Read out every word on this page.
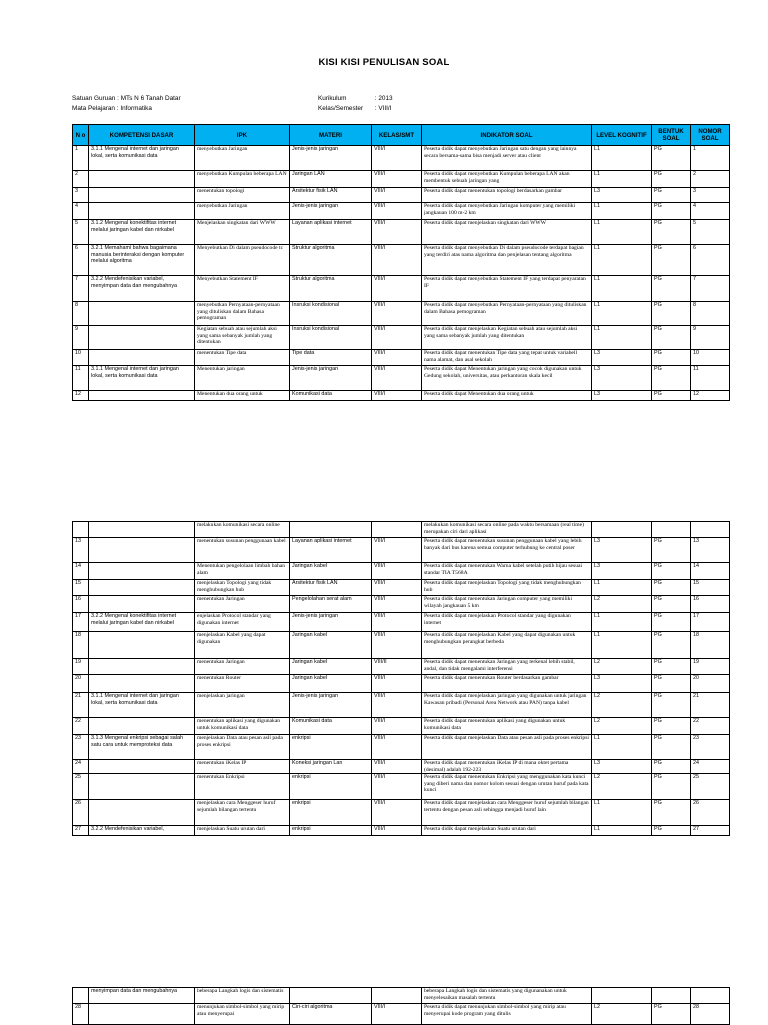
KISI KISI PENULISAN SOAL
Satuan Guruan : MTs N 6 Tanah Datar
Mata Pelajaran : Informatika
Kurikulum	: 2013
Kelas/Semester : VIII/I
N o	KOMPETENSI DASAR	IPK	MATERI	KELAS/SMT	INDIKATOR SOAL	LEVEL KOGNITIF	BENTUK SOAL	NOMOR SOAL
1	3.1.1 Mengenal internet dan jaringan lokal, serta komunikasi data	menyebutkan Jaringan	Jenis-jenis jaringan	VIII/I	Peserta didik dapat menyebutkan Jaringan satu dengan yang lainnya secara bersama-sama bisa menjadi server atau client	L1	PG	1
2		menyebutkan Kumpulan beberapa LAN	Jaringan LAN	VIII/I	Peserta didik dapat menyebutkan Kumpulan beberapa LAN akan membentuk sebuah jaringan yang	L1	PG	2
3		menentukan topologi	Arsitektur fisik LAN	VIII/I	Peserta didik dapat menentukan topologi berdasarkan gambar	L3	PG	3
4		menyebutkan Jaringan	Jenis-jenis jaringan	VIII/I	Peserta didik dapat menyebutkan Jaringan komputer yang memiliki jangkauan 100 m-2 km	L1	PG	4
5	3.1.2 Mengenal konektifitas internet melalui jaringan kabel dan nirkabel	Menjelaskan singkatan dari WWW	Layanan aplikasi internet	VIII/I	Peserta didik dapat menjelaskan singkatan dari WWW	L1	PG	5
6	3.2.1 Memahami bahwa bagaimana manusia berinteraksi dengan komputer melalui algoritma	Menyebutkan Di dalam pseudocode tc	Struktur algoritma	VIII/I	Peserta didik dapat menyebutkan Di dalam pseudocode terdapat bagian yang terdiri atas nama algoritma dan penjelasan tentang algoritma	L1	PG	6
7	3.2.2 Mendefenisikan variabel, menyimpan data dan mengubahnya	Menyebutkan Statement IF	Struktur algoritma	VIII/I	Peserta didik dapat menyebutkan Statement IF yang terdapat penyaratan IF	L1	PG	7
8		menyebutkan Pernyataan-pernyataan yang dituliskan dalam Bahasa pemograman	Insruksi kondisional	VIII/I	Peserta didik dapat menyebutkan Pernyataan-pernyataan yang dituliskan dalam Bahasa pemograman	L1	PG	8
9		Kegiatan sebuah atau sejumlah aksi yang sama sebanyak jumlah yang ditentukan	Insruksi kondisional	VIII/I	Peserta didik dapat menjelaskan Kegiatan sebuah atau sejumlah aksi yang sama sebanyak jumlah yang ditentukan	L1	PG	9
10		menentukan Tipe data	Tipe data	VIII/I	Peserta didik dapat menentukan Tipe data yang tepat untuk variabell nama alamat, dan asal sekolah	L3	PG	10
11	3.1.1 Mengenal internet dan jaringan lokal, serta komunikasi data	Menentukan jaringan	Jenis-jenis jaringan	VIII/I	Peserta didik dapat Menentukan jaringan yang cocok digunakan untuk Gedung sekolah, universitas, atau perkantoran skala kecil	L3	PG	11
12		Menentukan dua orang untuk	Komunikasi data	VIII/I	Peserta didik dapat Menentukan dua orang untuk	L3	PG	12
		melakukan komunikasi secara online			melakukan komunikasi secara online pada waktu bersamaan (real time) merupakan ciri dari aplikasi			
13		menentukan susunan penggunaan kabel	Layanan aplikasi internet	VIII/I	Peserta didik dapat menentukan susunan penggunaan kabel yang lebih banyak dari bus karena semua computer terhubung ke central poser	L3	PG	13
14		Menentukan pengelolaan limbah bahan alam	Jaringan kabel	VIII/I	Peserta didik dapat menentukan Warna kabel setelah putih hijau sesuai standar TIA T568A	L3	PG	14
15		menjelaskan Topologi yang tidak menghubungkan hub	Arsitektur fisik LAN	VIII/I	Peserta didik dapat menjelaskan Topologi yang tidak menghubungkan hub	L1	PG	15
16		menentukan Jaringan	Pengelolahan serat alam	VIII/I	Peserta didik dapat menentukan Jaringan computer yang memiliki wilayah jangkauan 5 km	L2	PG	16
17	3.2.2 Mengenal konektifitas internet melalui jaringan kabel dan nirkabel	enjelaskan Protocol standar yang digunakan internet	Jenis-jenis jaringan	VIII/I	Peserta didik dapat menjelaskan Protocol standar yang digunakan internet	L1	PG	17
18		menjelaskan Kabel yang dapat digunakan	Jaringan kabel	VIII/I	Peserta didik dapat menjelaskan Kabel yang dapat digunakan untuk menghubungkan perangkat berbeda	L1	PG	18
19		menentukan Jaringan	Jaringan kabel	VIII/II	Peserta didik dapat menentukan Jaringan yang terkenal lebih stabil, andal, dan tidak mengalami interferensi	L2	PG	19
20		menentukan Router	Jaringan kabel	VIII/I	Peserta didik dapat menentukan Router berdasarkan gambar	L3	PG	20
21	3.1.1 Mengenal internet dan jaringan lokal, serta komunikasi data	menjelaskan jaringan	Jenis-jenis jaringan	VIII/I	Peserta didik dapat menjelaskan jaringan yang digunakan untuk jaringan Kawasan pribadi (Personal Area Network atau PAN) tanpa kabel	L2	PG	21
22		menentukan aplikasi yang digunakan untuk komunikasi data	Komunikasi data	VIII/I	Peserta didik dapat menentukan aplikasi yang digunakan untuk komunikasi data	L2	PG	22
23	3.1.3 Mengenal enkripsi sebagai salah satu cara untuk memproteksi data	menjelaskan Data atau pesan asli pada proses enkripsi	enkripsi	VIII/I	Peserta didik dapat menjelaskan Data atau pesan asli pada proses enkripsi	L1	PG	23
24		menentukan iKelas IP	Koneksi jaringan Lan	VIII/I	Peserta didik dapat menentukan iKelas IP di mana oktet pertama (desimal) adalah 192-223	L3	PG	24
25		menentukan Enkripsi	enkripsi	VIII/I	Peserta didik dapat menentukan Enkripsi yang menggunakan kata kunci yang diberi nama dan nomor kolom sesuai dengan urutan huruf pada kata kunci	L2	PG	25
26		menjelaskan cara Menggeser huruf sejumlah bilangan tertentu	enkripsi	VIII/I	Peserta didik dapat menjelaskan cara Menggeser huruf sejumlah bilangan tertentu dengan pesan asli sehingga menjadi huruf lain	L1	PG	26
27	3.2.2 Mendefenisikan variabel,	menjelaskan Suatu urutan dari	enkripsi	VIII/I	Peserta didik dapat menjelaskan Suatu urutan dari	L1	PG	27
	menyimpan data dan mengubahnya	beberapa Langkah logis dan sistematis			beberapa Langkah logis dan sistematis yang digunanakan untuk menyelesaikan masalah tertentu			
28		menunjukan simbol-simbol yang mirip atau menyerupai	Ciri-ciri algoritma	VIII/I	Peserta didik dapat menunjukan simbol-simbol yang mirip atau menyerupai kode program yang ditulis	L2	PG	28
